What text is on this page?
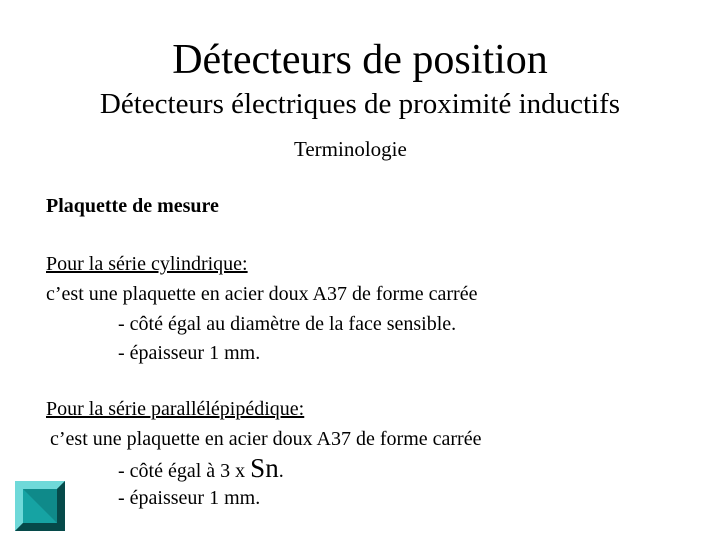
Détecteurs de position
Détecteurs électriques de proximité inductifs
Terminologie
Plaquette de mesure
Pour la série cylindrique:
c’est une plaquette en acier doux A37 de forme carrée
- côté égal au diamètre de la face sensible.
- épaisseur 1 mm.
Pour la série parallélépipédique:
c’est une plaquette en acier doux A37 de forme carrée
- côté égal à 3 x Sn.
- épaisseur 1 mm.
